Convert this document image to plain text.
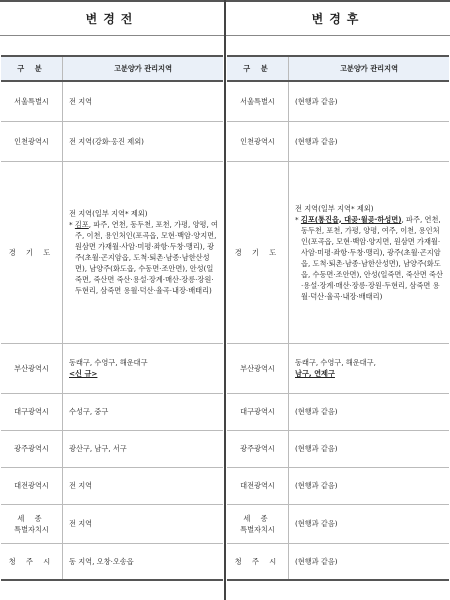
변경전
구 분	고분양가 관리지역
서울특별시	전 지역
인천광역시	전 지역(강화·옹진 제외)
경 기 도	전 지역(일부 지역* 제외)
* 김포, 파주, 연천, 동두천, 포천, 가평, 양평, 여주, 이천, 용인처인(포곡읍, 모현·백암·양지면, 원삼면 가재월·사암·미평·좌항·두창·맹리), 광주(초월·곤지암읍, 도척·퇴촌·남종·남한산성면), 남양주(화도읍, 수동면·조안면), 안성(일죽면, 죽산면 죽산·용설·장계·매산·장릉·장원·두현리, 삼죽면 용월·덕산·율곡·내장·배태리)

부산광역시	동래구, 수영구, 해운대구
<신 규>

대구광역시	수성구, 중구
광주광역시	광산구, 남구, 서구
대전광역시	전 지역

세 종
특별자치시	전 지역
청 주 시	동 지역, 오창·오송읍
변경후
구 분	고분양가 관리지역
서울특별시	(현행과 같음)
인천광역시	(현행과 같음)
경 기 도	전 지역(일부 지역* 제외)
* 김포(통진읍, 대곶·월곶·하성면), 파주, 연천, 동두천, 포천, 가평, 양평, 여주, 이천, 용인처인(포곡읍, 모현·백암·양지면, 원삼면 가재월·사암·미평·좌항·두창·맹리), 광주(초월·곤지암읍, 도척·퇴촌·남종·남한산성면), 남양주(화도읍, 수동면·조안면), 안성(일죽면, 죽산면 죽산·용설·장계·매산·장릉·장원·두현리, 삼죽면 용월·덕산·율곡·내장·배태리)

부산광역시	동래구, 수영구, 해운대구,
남구, 연제구

대구광역시	(현행과 같음)
광주광역시	(현행과 같음)
대전광역시	(현행과 같음)

세 종
특별자치시	(현행과 같음)
청 주 시	(현행과 같음)
